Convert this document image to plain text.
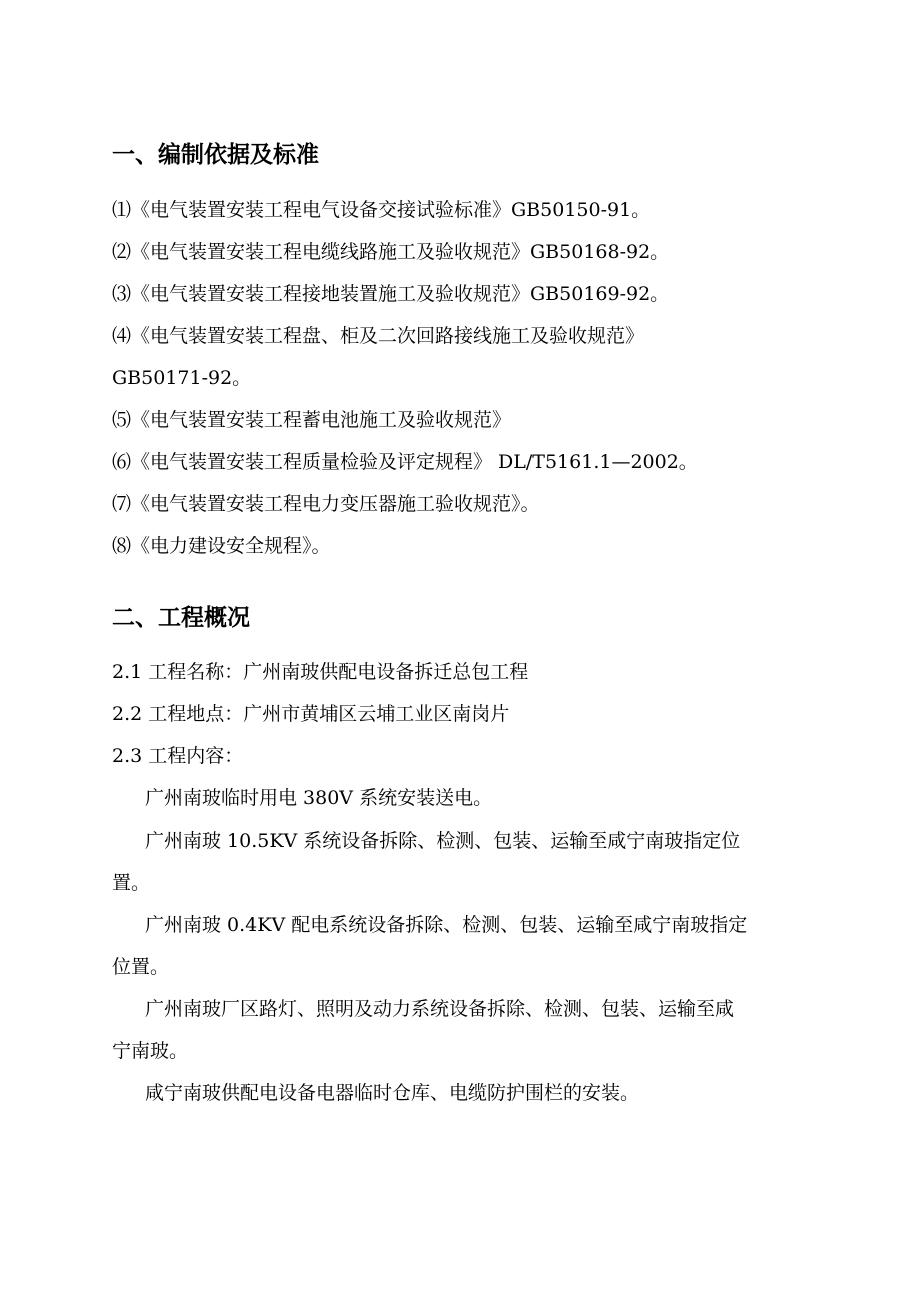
一、编制依据及标准
⑴《电气装置安装工程电气设备交接试验标准》GB50150-91。
⑵《电气装置安装工程电缆线路施工及验收规范》GB50168-92。
⑶《电气装置安装工程接地装置施工及验收规范》GB50169-92。
⑷《电气装置安装工程盘、柜及二次回路接线施工及验收规范》
GB50171-92。
⑸《电气装置安装工程蓄电池施工及验收规范》
⑹《电气装置安装工程质量检验及评定规程》 DL/T5161.1—2002。
⑺《电气装置安装工程电力变压器施工验收规范》。
⑻《电力建设安全规程》。
二、工程概况
2.1 工程名称：广州南玻供配电设备拆迁总包工程
2.2 工程地点：广州市黄埔区云埔工业区南岗片
2.3 工程内容：
广州南玻临时用电 380V 系统安装送电。
广州南玻 10.5KV 系统设备拆除、检测、包装、运输至咸宁南玻指定位
置。
广州南玻 0.4KV 配电系统设备拆除、检测、包装、运输至咸宁南玻指定
位置。
广州南玻厂区路灯、照明及动力系统设备拆除、检测、包装、运输至咸
宁南玻。
咸宁南玻供配电设备电器临时仓库、电缆防护围栏的安装。
